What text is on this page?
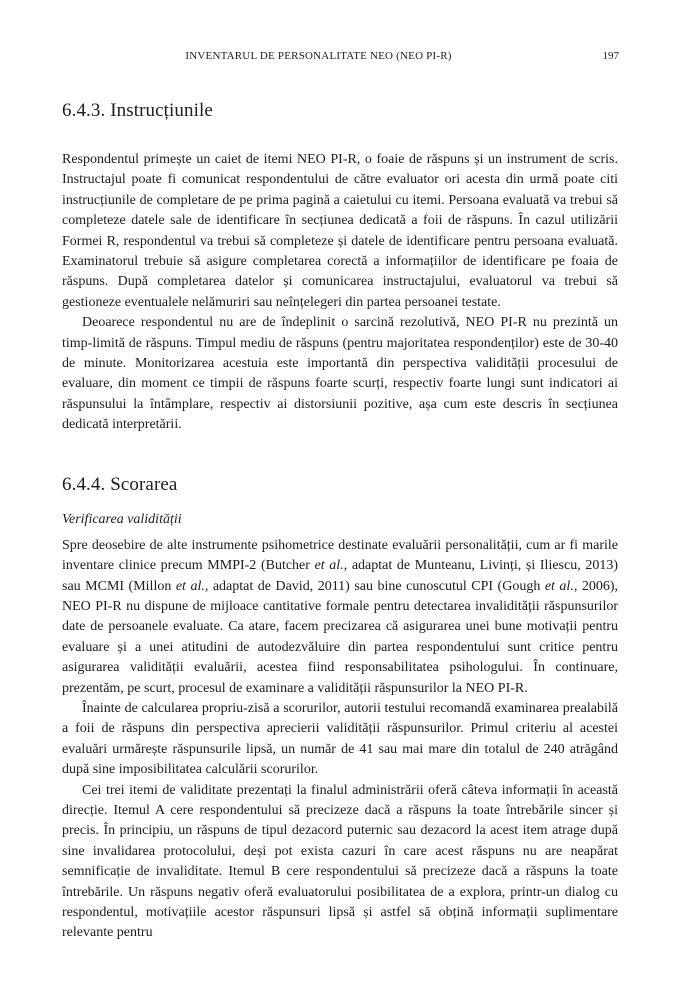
INVENTARUL DE PERSONALITATE NEO (NEO PI-R)	197
6.4.3. Instrucțiunile

Respondentul primește un caiet de itemi NEO PI-R, o foaie de răspuns și un instrument de scris. Instructajul poate fi comunicat respondentului de către evaluator ori acesta din urmă poate citi instrucțiunile de completare de pe prima pagină a caietului cu itemi. Persoana evaluată va trebui să completeze datele sale de identificare în secțiunea dedicată a foii de răspuns. În cazul utilizării Formei R, respondentul va trebui să completeze și datele de identificare pentru persoana evaluată. Examinatorul trebuie să asigure completarea corectă a informațiilor de identificare pe foaia de răspuns. După completarea datelor și comunicarea instructajului, evaluatorul va trebui să gestioneze eventualele nelămuriri sau neînțelegeri din partea persoanei testate.

Deoarece respondentul nu are de îndeplinit o sarcină rezolutivă, NEO PI-R nu prezintă un timp-limită de răspuns. Timpul mediu de răspuns (pentru majoritatea respondenților) este de 30-40 de minute. Monitorizarea acestuia este importantă din perspectiva validității procesului de evaluare, din moment ce timpii de răspuns foarte scurți, respectiv foarte lungi sunt indicatori ai răspunsului la întâmplare, respectiv ai distorsiunii pozitive, așa cum este descris în secțiunea dedicată interpretării.

6.4.4. Scorarea
Verificarea validității

Spre deosebire de alte instrumente psihometrice destinate evaluării personalității, cum ar fi marile inventare clinice precum MMPI-2 (Butcher et al., adaptat de Munteanu, Livinți, și Iliescu, 2013) sau MCMI (Millon et al., adaptat de David, 2011) sau bine cunoscutul CPI (Gough et al., 2006), NEO PI-R nu dispune de mijloace cantitative formale pentru detectarea invalidității răspunsurilor date de persoanele evaluate. Ca atare, facem precizarea că asigurarea unei bune motivații pentru evaluare și a unei atitudini de autodezvăluire din partea respondentului sunt critice pentru asigurarea validității evaluării, acestea fiind responsabilitatea psihologului. În continuare, prezentăm, pe scurt, procesul de examinare a validității răspunsurilor la NEO PI-R.

Înainte de calcularea propriu-zisă a scorurilor, autorii testului recomandă examinarea prealabilă a foii de răspuns din perspectiva aprecierii validității răspunsurilor. Primul criteriu al acestei evaluări urmărește răspunsurile lipsă, un număr de 41 sau mai mare din totalul de 240 atrăgând după sine imposibilitatea calculării scorurilor.

Cei trei itemi de validitate prezentați la finalul administrării oferă câteva informații în această direcție. Itemul A cere respondentului să precizeze dacă a răspuns la toate întrebările sincer și precis. În principiu, un răspuns de tipul dezacord puternic sau dezacord la acest item atrage după sine invalidarea protocolului, deși pot exista cazuri în care acest răspuns nu are neapărat semnificație de invaliditate. Itemul B cere respondentului să precizeze dacă a răspuns la toate întrebările. Un răspuns negativ oferă evaluatorului posibilitatea de a explora, printr-un dialog cu respondentul, motivațiile acestor răspunsuri lipsă și astfel să obțină informații suplimentare relevante pentru
